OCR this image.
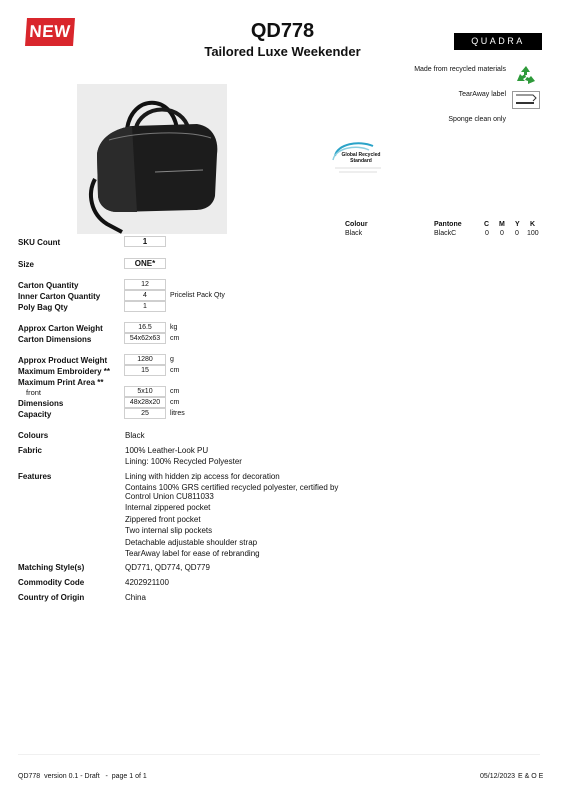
NEW	QD778
Tailored Luxe Weekender
QUADRA
Made from recycled materials
TearAway label
Sponge clean only
Global Recycled Standard
Colour	Pantone	C M Y K
Black	BlackC	0 0 0 100
SKU Count	1
Size	ONE*
Carton Quantity	12
Inner Carton Quantity	4	Pricelist Pack Qty
Poly Bag Qty	1
Approx Carton Weight	16.5	kg
Carton Dimensions	54x62x63	cm
Approx Product Weight	1280	g
Maximum Embroidery **	15	cm
Maximum Print Area **
front	5x10	cm
Dimensions	48x28x20	cm
Capacity	25	litres
Colours	Black
Fabric	100% Leather-Look PU
Lining: 100% Recycled Polyester
Features	Lining with hidden zip access for decoration
Contains 100% GRS certified recycled polyester, certified by
Control Union CU811033
Internal zippered pocket
Zippered front pocket
Two internal slip pockets
Detachable adjustable shoulder strap
TearAway label for ease of rebranding
Matching Style(s)	QD771, QD774, QD779
Commodity Code	4202921100
Country of Origin	China
QD778  version 0.1 - Draft   -  page 1 of 1	05/12/2023 E & O E
